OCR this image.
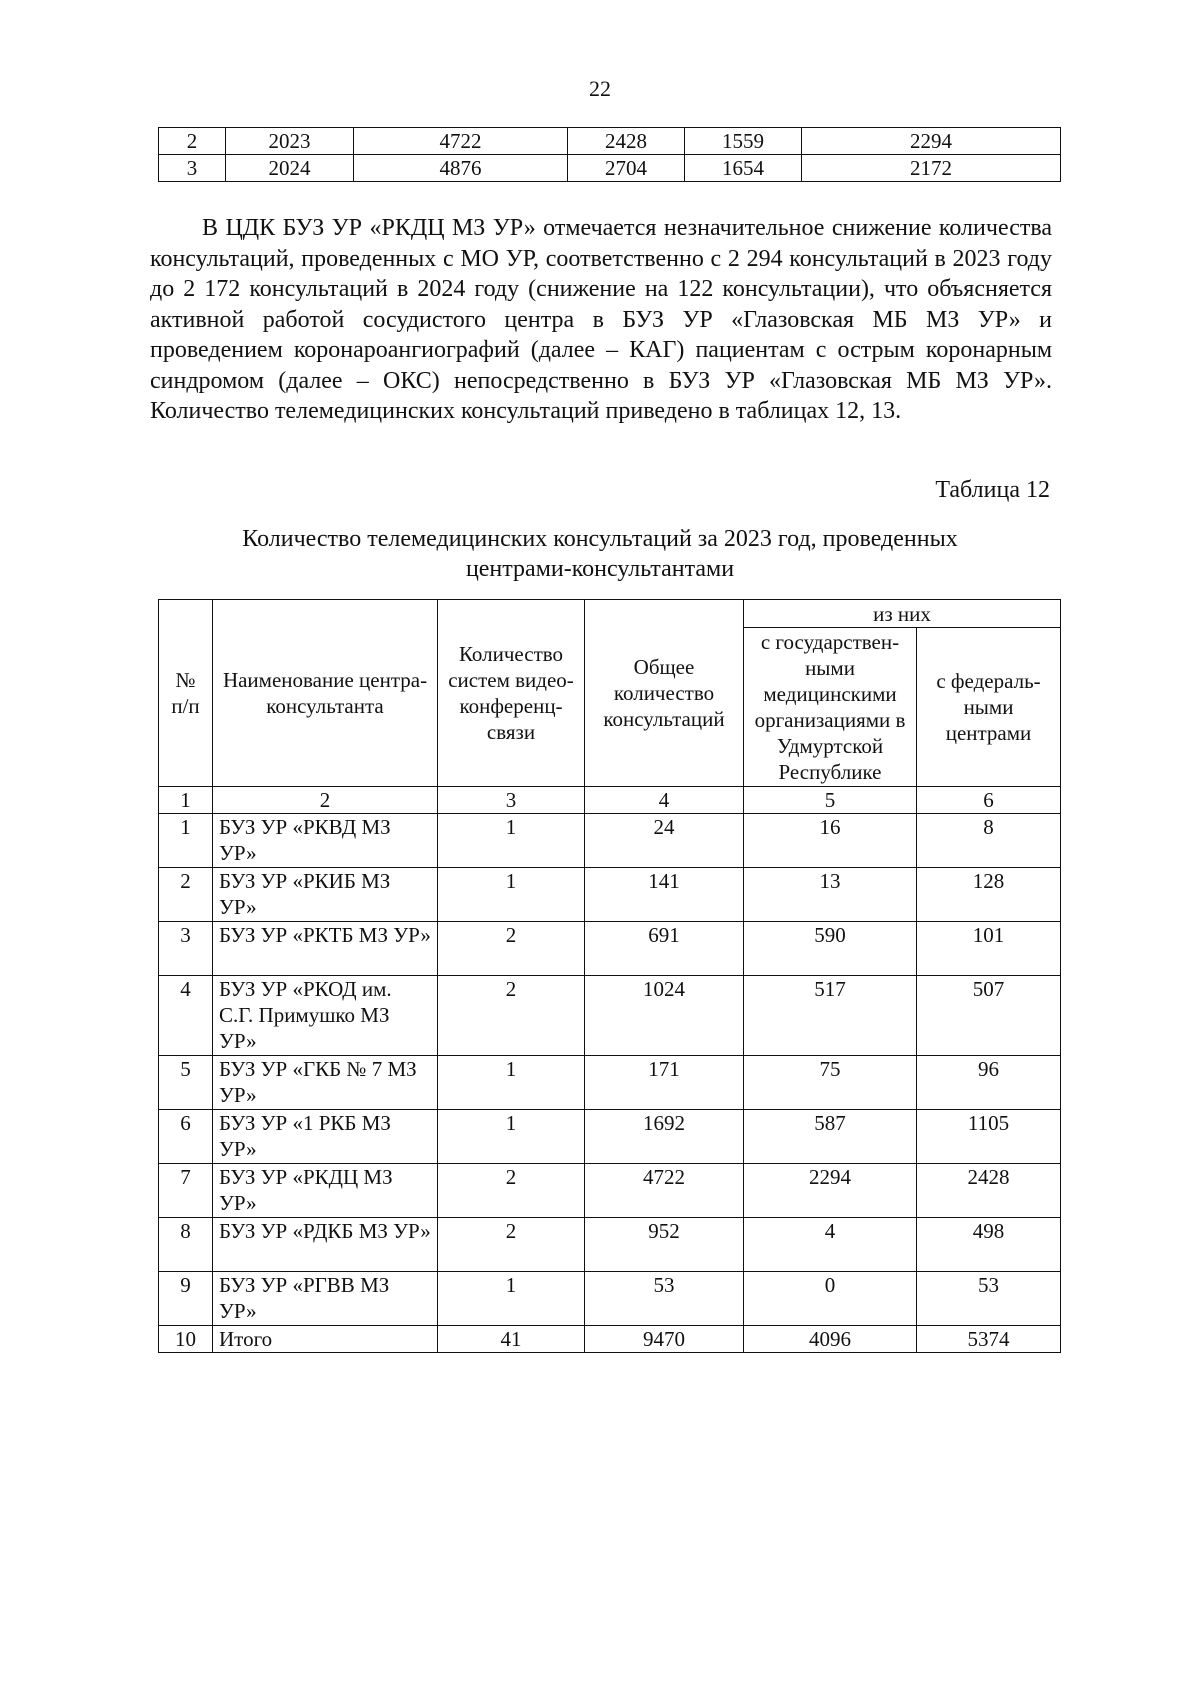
22
2	2023	4722	2428	1559	2294
3	2024	4876	2704	1654	2172
В ЦДК БУЗ УР «РКДЦ МЗ УР» отмечается незначительное снижение количества консультаций, проведенных с МО УР, соответственно с 2 294 консультаций в 2023 году до 2 172 консультаций в 2024 году (снижение на 122 консультации), что объясняется активной работой сосудистого центра в БУЗ УР «Глазовская МБ МЗ УР» и проведением коронароангиографий (далее – КАГ) пациентам с острым коронарным синдромом (далее – ОКС) непосредственно в БУЗ УР «Глазовская МБ МЗ УР». Количество телемедицинских консультаций приведено в таблицах 12, 13.
Таблица 12
Количество телемедицинских консультаций за 2023 год, проведенных центрами-консультантами
№ п/п	Наименование центра-консультанта	Количество систем видео-конференц-связи	Общее количество консультаций	из них	
				с государствен-ными медицинскими организациями в Удмуртской Республике	с федераль-ными центрами
1	2	3	4	5	6
1	БУЗ УР «РКВД МЗ УР»	1	24	16	8
2	БУЗ УР «РКИБ МЗ УР»	1	141	13	128
3	БУЗ УР «РКТБ МЗ УР»	2	691	590	101
4	БУЗ УР «РКОД им. С.Г. Примушко МЗ УР»	2	1024	517	507
5	БУЗ УР «ГКБ № 7 МЗ УР»	1	171	75	96
6	БУЗ УР «1 РКБ МЗ УР»	1	1692	587	1105
7	БУЗ УР «РКДЦ МЗ УР»	2	4722	2294	2428
8	БУЗ УР «РДКБ МЗ УР»	2	952	4	498
9	БУЗ УР «РГВВ МЗ УР»	1	53	0	53
10	Итого	41	9470	4096	5374
